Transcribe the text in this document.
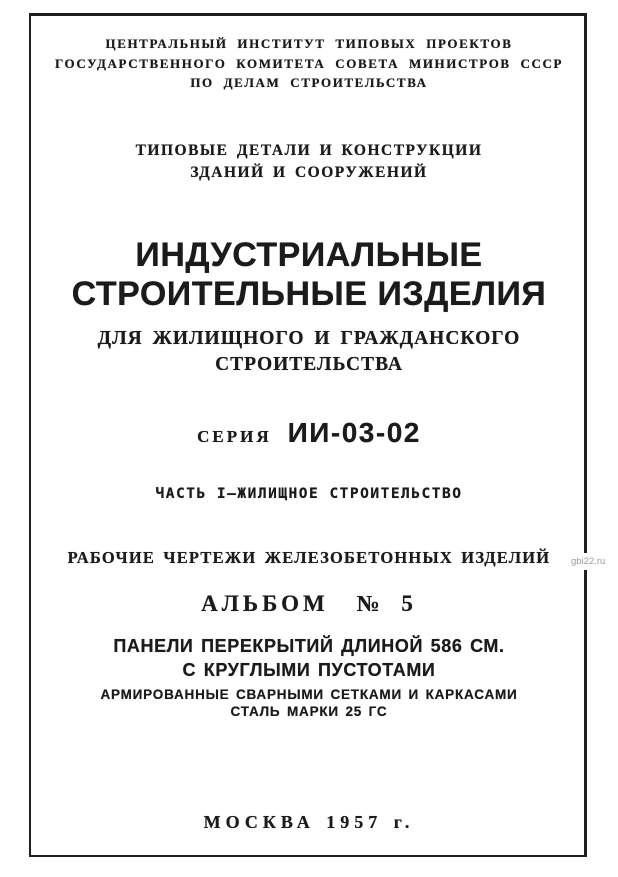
ЦЕНТРАЛЬНЫЙ ИНСТИТУТ ТИПОВЫХ ПРОЕКТОВ
ГОСУДАРСТВЕННОГО КОМИТЕТА СОВЕТА МИНИСТРОВ СССР
ПО ДЕЛАМ СТРОИТЕЛЬСТВА
ТИПОВЫЕ ДЕТАЛИ И КОНСТРУКЦИИ
ЗДАНИЙ И СООРУЖЕНИЙ
ИНДУСТРИАЛЬНЫЕ
СТРОИТЕЛЬНЫЕ ИЗДЕЛИЯ
ДЛЯ ЖИЛИЩНОГО И ГРАЖДАНСКОГО
СТРОИТЕЛЬСТВА
СЕРИЯ ИИ-03-02
ЧАСТЬ I—ЖИЛИЩНОЕ СТРОИТЕЛЬСТВО
РАБОЧИЕ ЧЕРТЕЖИ ЖЕЛЕЗОБЕТОННЫХ ИЗДЕЛИЙ
АЛЬБОМ № 5
ПАНЕЛИ ПЕРЕКРЫТИЙ ДЛИНОЙ 586 СМ.
С КРУГЛЫМИ ПУСТОТАМИ
АРМИРОВАННЫЕ СВАРНЫМИ СЕТКАМИ И КАРКАСАМИ
СТАЛЬ МАРКИ 25 ГС
МОСКВА 1957 г.
gbi22.ru
